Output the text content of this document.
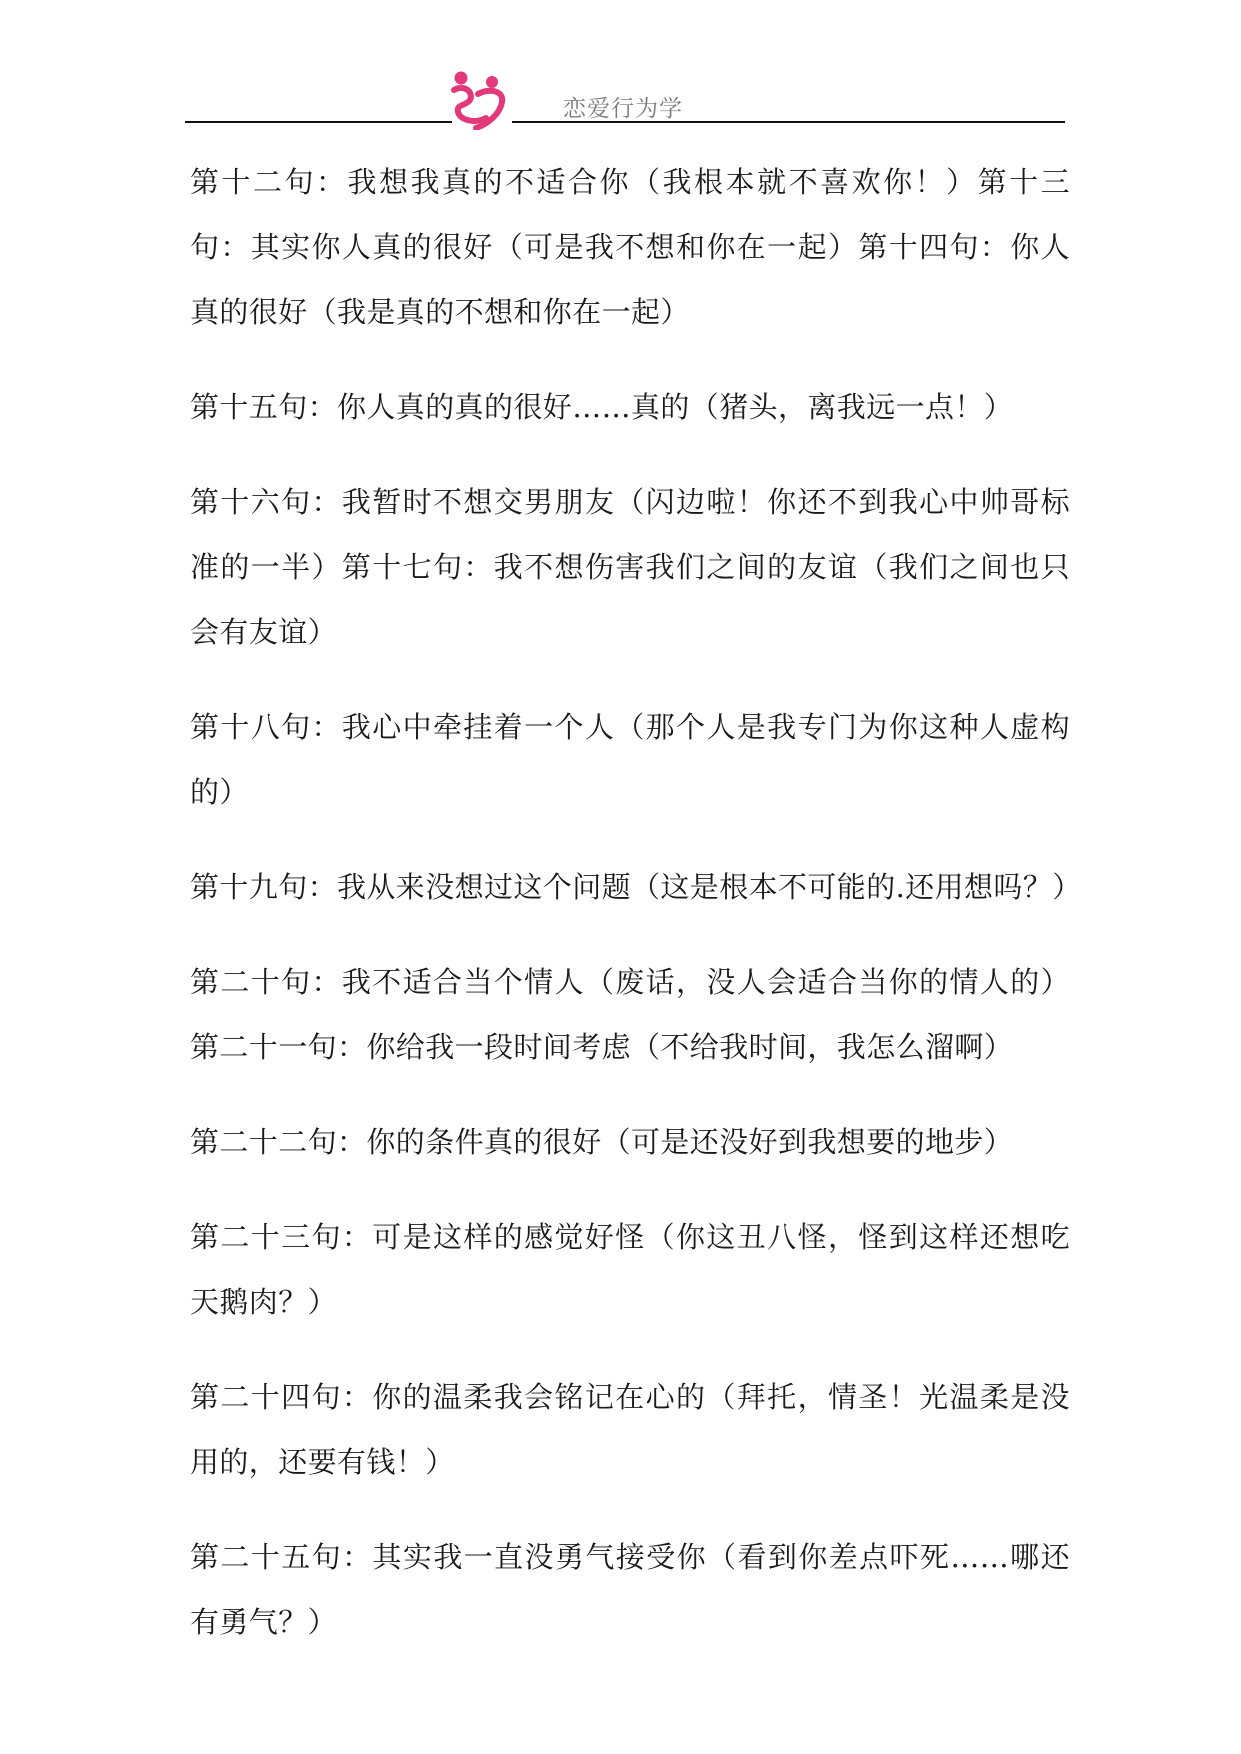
恋爱行为学

第十二句：我想我真的不适合你（我根本就不喜欢你！）第十三句：其实你人真的很好（可是我不想和你在一起）第十四句：你人真的很好（我是真的不想和你在一起）

第十五句：你人真的真的很好……真的（猪头，离我远一点！）

第十六句：我暂时不想交男朋友（闪边啦！你还不到我心中帅哥标准的一半）第十七句：我不想伤害我们之间的友谊（我们之间也只会有友谊）

第十八句：我心中牵挂着一个人（那个人是我专门为你这种人虚构的）

第十九句：我从来没想过这个问题（这是根本不可能的.还用想吗？）

第二十句：我不适合当个情人（废话，没人会适合当你的情人的）第二十一句：你给我一段时间考虑（不给我时间，我怎么溜啊）

第二十二句：你的条件真的很好（可是还没好到我想要的地步）

第二十三句：可是这样的感觉好怪（你这丑八怪，怪到这样还想吃天鹅肉？）

第二十四句：你的温柔我会铭记在心的（拜托，情圣！光温柔是没用的，还要有钱！）

第二十五句：其实我一直没勇气接受你（看到你差点吓死……哪还有勇气？）
